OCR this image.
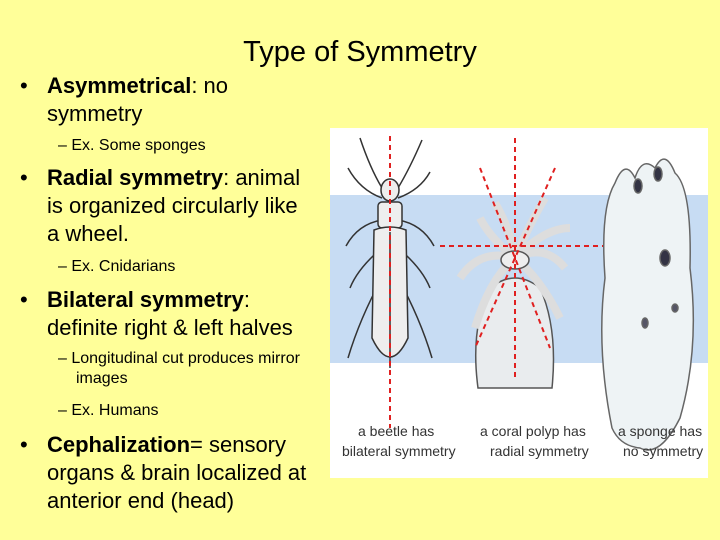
Type of Symmetry
• Asymmetrical: no symmetry
– Ex. Some sponges
• Radial symmetry: animal is organized circularly like a wheel.
– Ex. Cnidarians
• Bilateral symmetry: definite right & left halves
– Longitudinal cut produces mirror images
– Ex. Humans
• Cephalization= sensory organs & brain localized at anterior end (head)
a beetle has
bilateral symmetry
a coral polyp has
radial symmetry
a sponge has
no symmetry
